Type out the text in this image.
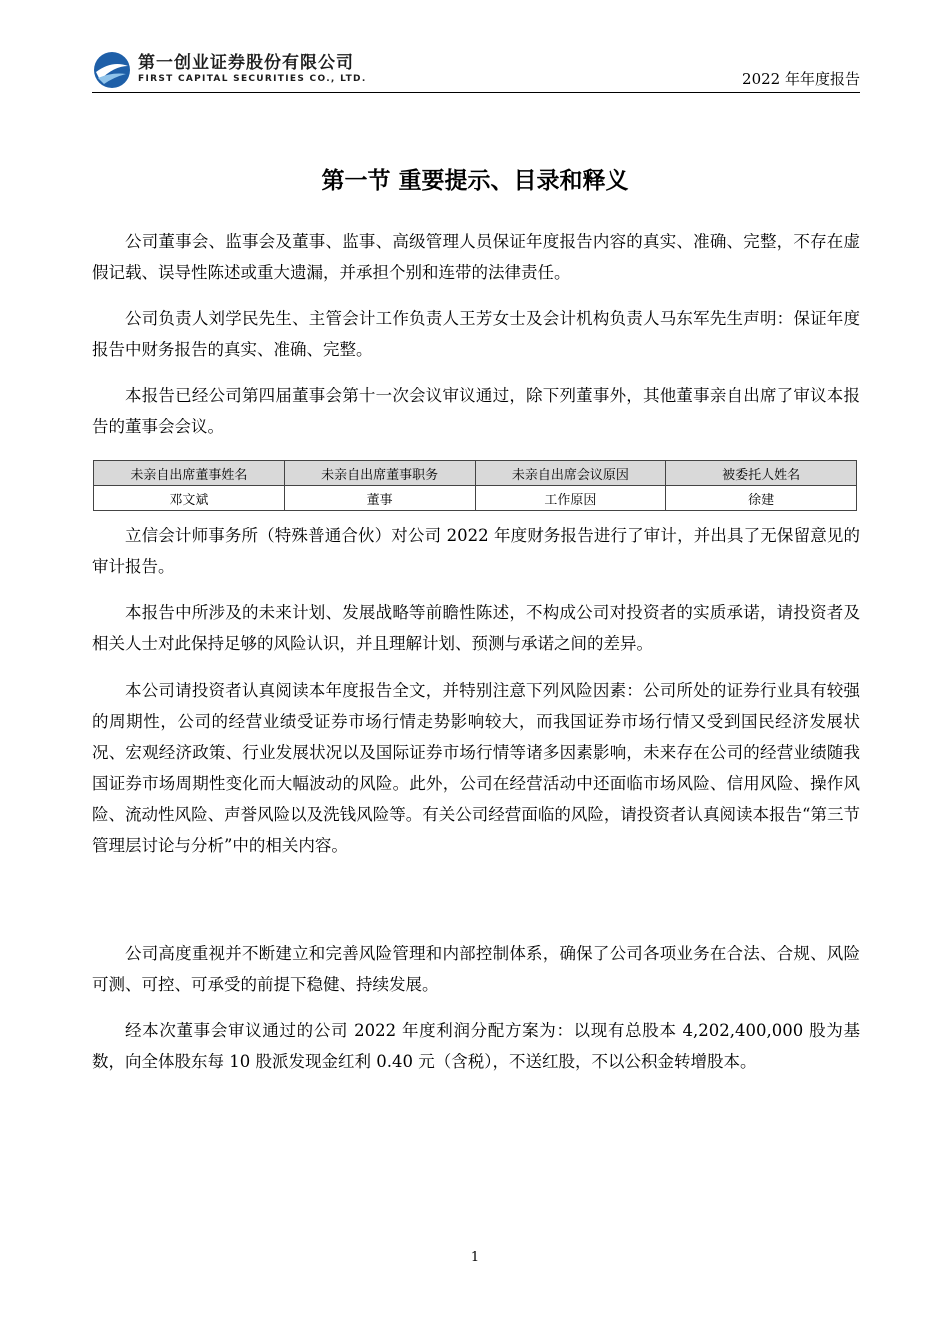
第一创业证券股份有限公司
FIRST CAPITAL SECURITIES CO., LTD.	2022 年年度报告
第一节 重要提示、目录和释义

公司董事会、监事会及董事、监事、高级管理人员保证年度报告内容的真实、准确、完整，不存在虚假记载、误导性陈述或重大遗漏，并承担个别和连带的法律责任。

公司负责人刘学民先生、主管会计工作负责人王芳女士及会计机构负责人马东军先生声明：保证年度报告中财务报告的真实、准确、完整。

本报告已经公司第四届董事会第十一次会议审议通过，除下列董事外，其他董事亲自出席了审议本报告的董事会会议。

未亲自出席董事姓名	未亲自出席董事职务	未亲自出席会议原因	被委托人姓名
邓文斌	董事	工作原因	徐建

立信会计师事务所（特殊普通合伙）对公司 2022 年度财务报告进行了审计，并出具了无保留意见的审计报告。

本报告中所涉及的未来计划、发展战略等前瞻性陈述，不构成公司对投资者的实质承诺，请投资者及相关人士对此保持足够的风险认识，并且理解计划、预测与承诺之间的差异。

本公司请投资者认真阅读本年度报告全文，并特别注意下列风险因素：公司所处的证券行业具有较强的周期性，公司的经营业绩受证券市场行情走势影响较大，而我国证券市场行情又受到国民经济发展状况、宏观经济政策、行业发展状况以及国际证券市场行情等诸多因素影响，未来存在公司的经营业绩随我国证券市场周期性变化而大幅波动的风险。此外，公司在经营活动中还面临市场风险、信用风险、操作风险、流动性风险、声誉风险以及洗钱风险等。有关公司经营面临的风险，请投资者认真阅读本报告“第三节 管理层讨论与分析”中的相关内容。

公司高度重视并不断建立和完善风险管理和内部控制体系，确保了公司各项业务在合法、合规、风险可测、可控、可承受的前提下稳健、持续发展。

经本次董事会审议通过的公司 2022 年度利润分配方案为：以现有总股本 4,202,400,000 股为基数，向全体股东每 10 股派发现金红利 0.40 元（含税），不送红股，不以公积金转增股本。

1
